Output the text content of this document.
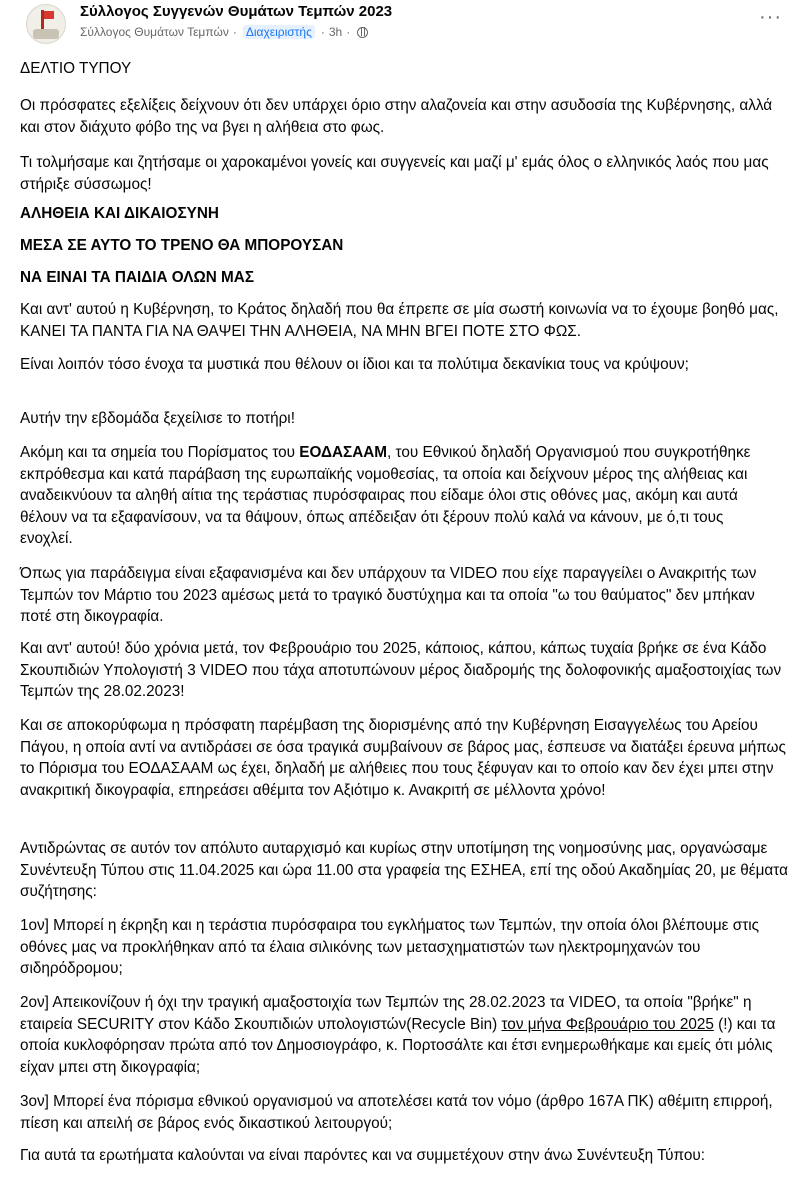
Σύλλογος Συγγενών Θυμάτων Τεμπών 2023
Σύλλογος Θυμάτων Τεμπών · Διαχειριστής · 3h ·
···

ΔΕΛΤΙΟ ΤΥΠΟΥ

Οι πρόσφατες εξελίξεις δείχνουν ότι δεν υπάρχει όριο στην αλαζονεία και στην ασυδοσία της Κυβέρνησης, αλλά και στον διάχυτο φόβο της να βγει η αλήθεια στο φως.

Τι τολμήσαμε και ζητήσαμε οι χαροκαμένοι γονείς και συγγενείς και μαζί μ' εμάς όλος ο ελληνικός λαός που μας στήριξε σύσσωμος!

ΑΛΗΘΕΙΑ ΚΑΙ ΔΙΚΑΙΟΣΥΝΗ

ΜΕΣΑ ΣΕ ΑΥΤΟ ΤΟ ΤΡΕΝΟ ΘΑ ΜΠΟΡΟΥΣΑΝ

ΝΑ ΕΙΝΑΙ ΤΑ ΠΑΙΔΙΑ ΟΛΩΝ ΜΑΣ

Και αντ' αυτού η Κυβέρνηση, το Κράτος δηλαδή που θα έπρεπε σε μία σωστή κοινωνία να το έχουμε βοηθό μας, ΚΑΝΕΙ ΤΑ ΠΑΝΤΑ ΓΙΑ ΝΑ ΘΑΨΕΙ ΤΗΝ ΑΛΗΘΕΙΑ, ΝΑ ΜΗΝ ΒΓΕΙ ΠΟΤΕ ΣΤΟ ΦΩΣ.

Είναι λοιπόν τόσο ένοχα τα μυστικά που θέλουν οι ίδιοι και τα πολύτιμα δεκανίκια τους να κρύψουν;

Αυτήν την εβδομάδα ξεχείλισε το ποτήρι!

Ακόμη και τα σημεία του Πορίσματος του ΕΟΔΑΣΑΑΜ, του Εθνικού δηλαδή Οργανισμού που συγκροτήθηκε εκπρόθεσμα και κατά παράβαση της ευρωπαϊκής νομοθεσίας, τα οποία και δείχνουν μέρος της αλήθειας και αναδεικνύουν τα αληθή αίτια της τεράστιας πυρόσφαιρας που είδαμε όλοι στις οθόνες μας, ακόμη και αυτά θέλουν να τα εξαφανίσουν, να τα θάψουν, όπως απέδειξαν ότι ξέρουν πολύ καλά να κάνουν, με ό,τι τους ενοχλεί.

Όπως για παράδειγμα είναι εξαφανισμένα και δεν υπάρχουν τα VIDEO που είχε παραγγείλει ο Ανακριτής των Τεμπών τον Μάρτιο του 2023 αμέσως μετά το τραγικό δυστύχημα και τα οποία "ω του θαύματος" δεν μπήκαν ποτέ στη δικογραφία.

Και αντ' αυτού! δύο χρόνια μετά, τον Φεβρουάριο του 2025, κάποιος, κάπου, κάπως τυχαία βρήκε σε ένα Κάδο Σκουπιδιών Υπολογιστή 3 VIDEO που τάχα αποτυπώνουν μέρος διαδρομής της δολοφονικής αμαξοστοιχίας των Τεμπών της 28.02.2023!

Και σε αποκορύφωμα η πρόσφατη παρέμβαση της διορισμένης από την Κυβέρνηση Εισαγγελέως του Αρείου Πάγου, η οποία αντί να αντιδράσει σε όσα τραγικά συμβαίνουν σε βάρος μας, έσπευσε να διατάξει έρευνα μήπως το Πόρισμα του ΕΟΔΑΣΑΑΜ ως έχει, δηλαδή με αλήθειες που τους ξέφυγαν και το οποίο καν δεν έχει μπει στην ανακριτική δικογραφία, επηρεάσει αθέμιτα τον Αξιότιμο κ. Ανακριτή σε μέλλοντα χρόνο!

Αντιδρώντας σε αυτόν τον απόλυτο αυταρχισμό και κυρίως στην υποτίμηση της νοημοσύνης μας, οργανώσαμε Συνέντευξη Τύπου στις 11.04.2025 και ώρα 11.00 στα γραφεία της ΕΣΗΕΑ, επί της οδού Ακαδημίας 20, με θέματα συζήτησης:

1ον] Μπορεί η έκρηξη και η τεράστια πυρόσφαιρα του εγκλήματος των Τεμπών, την οποία όλοι βλέπουμε στις οθόνες μας να προκλήθηκαν από τα έλαια σιλικόνης των μετασχηματιστών των ηλεκτρομηχανών του σιδηρόδρομου;

2ον] Απεικονίζουν ή όχι την τραγική αμαξοστοιχία των Τεμπών της 28.02.2023 τα VIDEO, τα οποία "βρήκε" η εταιρεία SECURITY στον Κάδο Σκουπιδιών υπολογιστών(Recycle Bin) τον μήνα Φεβρουάριο του 2025 (!) και τα οποία κυκλοφόρησαν πρώτα από τον Δημοσιογράφο, κ. Πορτοσάλτε και έτσι ενημερωθήκαμε και εμείς ότι μόλις είχαν μπει στη δικογραφία;

3ον] Μπορεί ένα πόρισμα εθνικού οργανισμού να αποτελέσει κατά τον νόμο (άρθρο 167Α ΠΚ) αθέμιτη επιρροή, πίεση και απειλή σε βάρος ενός δικαστικού λειτουργού;

Για αυτά τα ερωτήματα καλούνται να είναι παρόντες και να συμμετέχουν στην άνω Συνέντευξη Τύπου:
